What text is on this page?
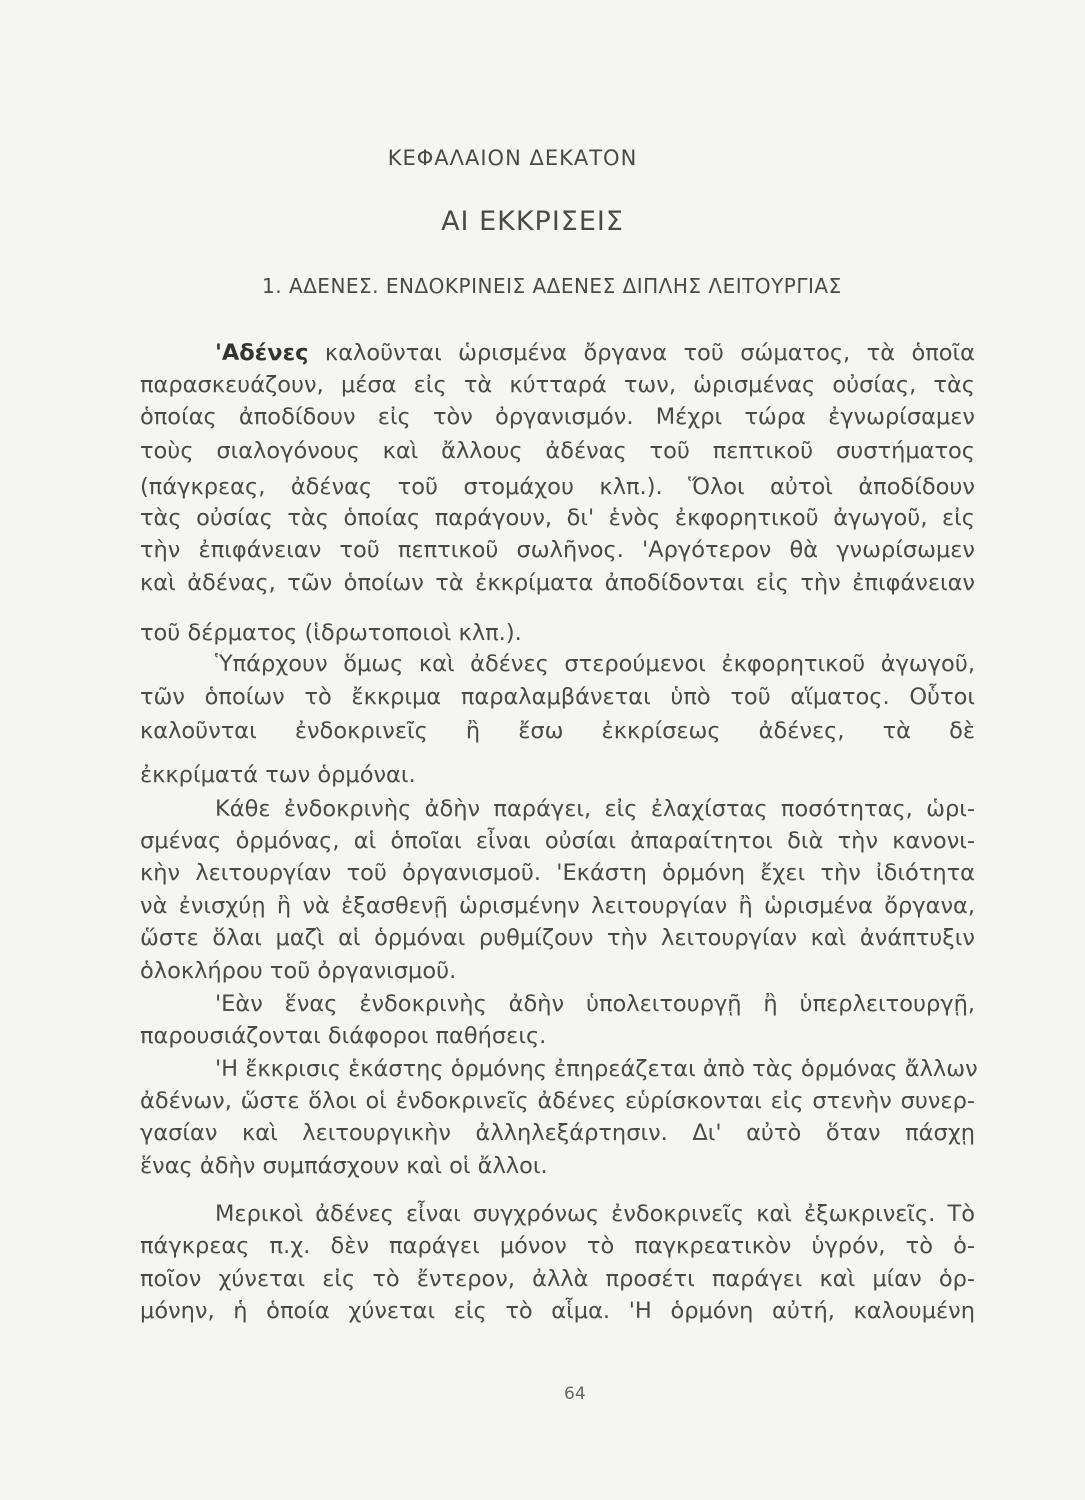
ΚΕΦΑΛΑΙΟΝ ΔΕΚΑΤΟΝ
ΑΙ ΕΚΚΡΙΣΕΙΣ
1. ΑΔΕΝΕΣ. ΕΝΔΟΚΡΙΝΕΙΣ ΑΔΕΝΕΣ ΔΙΠΛΗΣ ΛΕΙΤΟΥΡΓΙΑΣ
'Αδένες καλοῦνται ὡρισμένα ὄργανα τοῦ σώματος, τὰ ὁποῖα
παρασκευάζουν, μέσα εἰς τὰ κύτταρά των, ὡρισμένας οὐσίας, τὰς
ὁποίας ἀποδίδουν εἰς τὸν ὀργανισμόν. Μέχρι τώρα ἐγνωρίσαμεν
τοὺς σιαλογόνους καὶ ἄλλους ἀδένας τοῦ πεπτικοῦ συστήματος
(πάγκρεας, ἀδένας τοῦ στομάχου κλπ.). Ὅλοι αὐτοὶ ἀποδίδουν
τὰς οὐσίας τὰς ὁποίας παράγουν, δι' ἑνὸς ἐκφορητικοῦ ἀγωγοῦ, εἰς
τὴν ἐπιφάνειαν τοῦ πεπτικοῦ σωλῆνος. 'Αργότερον θὰ γνωρίσωμεν
καὶ ἀδένας, τῶν ὁποίων τὰ ἐκκρίματα ἀποδίδονται εἰς τὴν ἐπιφάνειαν
τοῦ δέρματος (ἱδρωτοποιοὶ κλπ.).
Ὑπάρχουν ὅμως καὶ ἀδένες στερούμενοι ἐκφορητικοῦ ἀγωγοῦ,
τῶν ὁποίων τὸ ἔκκριμα παραλαμβάνεται ὑπὸ τοῦ αἵματος. Οὗτοι
καλοῦνται ἐνδοκρινεῖς ἢ ἔσω ἐκκρίσεως ἀδένες, τὰ δὲ
ἐκκρίματά των ὁρμόναι.
Κάθε ἐνδοκρινὴς ἀδὴν παράγει, εἰς ἐλαχίστας ποσότητας, ὡρι-
σμένας ὁρμόνας, αἱ ὁποῖαι εἶναι οὐσίαι ἀπαραίτητοι διὰ τὴν κανονι-
κὴν λειτουργίαν τοῦ ὀργανισμοῦ. 'Εκάστη ὁρμόνη ἔχει τὴν ἰδιότητα
νὰ ἐνισχύῃ ἢ νὰ ἐξασθενῇ ὡρισμένην λειτουργίαν ἢ ὡρισμένα ὄργανα,
ὥστε ὅλαι μαζὶ αἱ ὁρμόναι ρυθμίζουν τὴν λειτουργίαν καὶ ἀνάπτυξιν
ὁλοκλήρου τοῦ ὀργανισμοῦ.
'Εὰν ἕνας ἐνδοκρινὴς ἀδὴν ὑπολειτουργῇ ἢ ὑπερλειτουργῇ,
παρουσιάζονται διάφοροι παθήσεις.
'Η ἔκκρισις ἑκάστης ὁρμόνης ἐπηρεάζεται ἀπὸ τὰς ὁρμόνας ἄλλων
ἀδένων, ὥστε ὅλοι οἱ ἐνδοκρινεῖς ἀδένες εὑρίσκονται εἰς στενὴν συνερ-
γασίαν καὶ λειτουργικὴν ἀλληλεξάρτησιν. Δι' αὐτὸ ὅταν πάσχῃ
ἕνας ἀδὴν συμπάσχουν καὶ οἱ ἄλλοι.
Μερικοὶ ἀδένες εἶναι συγχρόνως ἐνδοκρινεῖς καὶ ἐξωκρινεῖς. Τὸ
πάγκρεας π.χ. δὲν παράγει μόνον τὸ παγκρεατικὸν ὑγρόν, τὸ ὁ-
ποῖον χύνεται εἰς τὸ ἔντερον, ἀλλὰ προσέτι παράγει καὶ μίαν ὁρ-
μόνην, ἡ ὁποία χύνεται εἰς τὸ αἷμα. 'Η ὁρμόνη αὐτή, καλουμένη
64
